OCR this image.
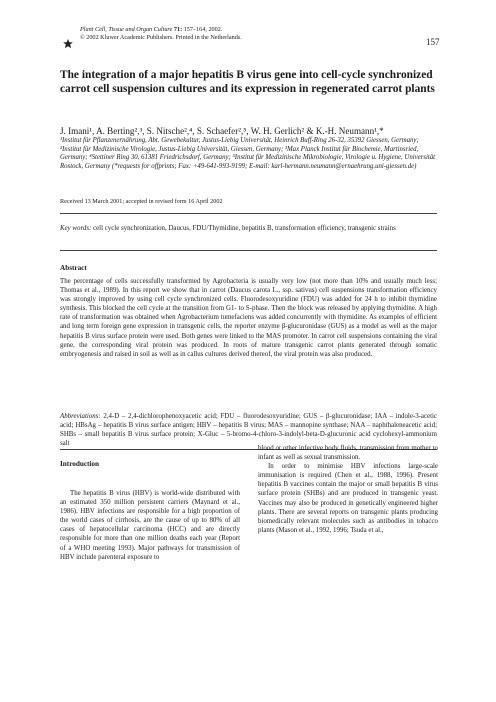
Plant Cell, Tissue and Organ Culture 71: 157–164, 2002.
© 2002 Kluwer Academic Publishers. Printed in the Netherlands.	157
The integration of a major hepatitis B virus gene into cell-cycle synchronized carrot cell suspension cultures and its expression in regenerated carrot plants
J. Imani¹, A. Berting²,³, S. Nitsche²,⁴, S. Schaefer²,⁵, W. H. Gerlich² & K.-H. Neumann¹,*
¹Institut für Pflanzenernährung, Abt. Gewebekultur, Justus-Liebig Universität, Heinrich Buff-Ring 26-32, 35392 Giessen, Germany; ²Institut für Medizinische Virologie, Justus-Liebig Universität, Giessen, Germany; ³Max Planck Institut für Biochemie, Martinsried, Germany; ⁴Stettiner Ring 30, 61381 Friedrichsdorf, Germany; ⁵Institut für Medizinische Mikrobiologie, Virologie u. Hygiene, Universität Rostock, Germany (*requests for offprints; Fax: +49-641-993-9199; E-mail: karl-hermann.neumann@ernaehrung.uni-giessen.de)
Received 13 March 2001; accepted in revised form 16 April 2002
Key words: cell cycle synchronization, Daucus, FDU/Thymidine, hepatitis B, transformation efficiency, transgenic strains
Abstract
The percentage of cells successfully transformed by Agrobacteria is usually very low (not more than 10% and usually much less; Thomas et al., 1989). In this report we show that in carrot (Daucus carota L., ssp. sativus) cell suspensions transformation efficiency was strongly improved by using cell cycle synchronized cells. Fluorodesoxyuridine (FDU) was added for 24 h to inhibit thymidine synthesis. This blocked the cell cycle at the transition from G1- to S-phase. Then the block was released by applying thymidine. A high rate of transformation was obtained when Agrobacterium tumefaciens was added concurrently with thymidine. As examples of efficient and long term foreign gene expression in transgenic cells, the reporter enzyme β-glucuronidase (GUS) as a model as well as the major hepatitis B virus surface protein were used. Both genes were linked to the MAS promoter. In carrot cell suspensions containing the viral gene, the corresponding viral protein was produced. In roots of mature transgenic carrot plants generated through somatic embryogenesis and raised in soil as well as in callus cultures derived thereof, the viral protein was also produced.
Abbreviations: 2,4-D – 2,4-dichlorophenoxyacetic acid; FDU – fluorodesoxyuridine; GUS – β-glucuronidase; IAA – indole-3-acetic acid; HBsAg – hepatitis B virus surface antigen; HBV – hepatitis B virus; MAS – mannopine synthase; NAA – naphthaleneacetic acid; SHBs – small hepatitis B virus surface protein; X-Gluc – 5-bromo-4-chloro-3-indolyl-beta-D-glucuronic acid cyclohexyl-ammonium salt
Introduction

The hepatitis B virus (HBV) is world-wide distributed with an estimated 350 million persistent carriers (Maynard et al., 1986). HBV infections are responsible for a high proportion of the world cases of cirrhosis, are the cause of up to 80% of all cases of hepatocellular carcinoma (HCC) and are directly responsible for more than one million deaths each year (Report of a WHO meeting 1993). Major pathways for transmission of HBV include parenteral exposure to

blood or other infective body fluids, transmission from mother to infant as well as sexual transmission.

In order to minimise HBV infections large-scale immunisation is required (Chen et al., 1988, 1996). Present hepatitis B vaccines contain the major or small hepatitis B virus surface protein (SHBs) and are produced in transgenic yeast. Vaccines may also be produced in genetically engineered higher plants. There are several reports on transgenic plants producing biomedically relevant molecules such as antibodies in tobacco plants (Mason et al., 1992, 1996; Tsuda et al.,
